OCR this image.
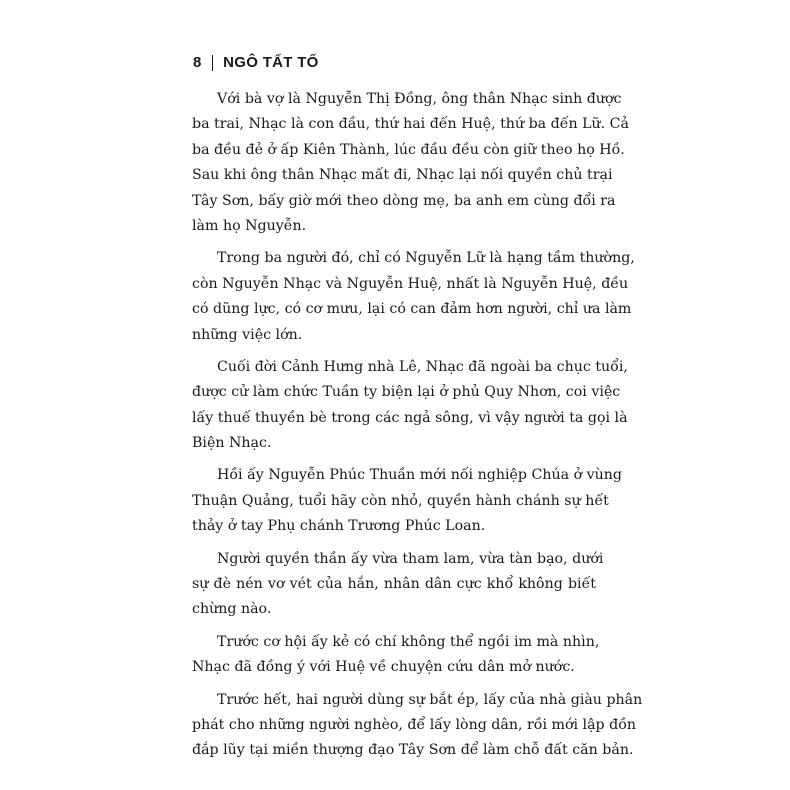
8 NGÔ TẤT TỐ
Với bà vợ là Nguyễn Thị Đồng, ông thân Nhạc sinh được
ba trai, Nhạc là con đầu, thứ hai đến Huệ, thứ ba đến Lữ. Cả
ba đều đẻ ở ấp Kiên Thành, lúc đầu đều còn giữ theo họ Hồ.
Sau khi ông thân Nhạc mất đi, Nhạc lại nối quyền chủ trại
Tây Sơn, bấy giờ mới theo dòng mẹ, ba anh em cùng đổi ra
làm họ Nguyễn.
Trong ba người đó, chỉ có Nguyễn Lữ là hạng tầm thường,
còn Nguyễn Nhạc và Nguyễn Huệ, nhất là Nguyễn Huệ, đều
có dũng lực, có cơ mưu, lại có can đảm hơn người, chỉ ưa làm
những việc lớn.
Cuối đời Cảnh Hưng nhà Lê, Nhạc đã ngoài ba chục tuổi,
được cử làm chức Tuần ty biện lại ở phủ Quy Nhơn, coi việc
lấy thuế thuyền bè trong các ngả sông, vì vậy người ta gọi là
Biện Nhạc.
Hồi ấy Nguyễn Phúc Thuần mới nối nghiệp Chúa ở vùng
Thuận Quảng, tuổi hãy còn nhỏ, quyền hành chánh sự hết
thảy ở tay Phụ chánh Trương Phúc Loan.
Người quyền thần ấy vừa tham lam, vừa tàn bạo, dưới
sự đè nén vơ vét của hắn, nhân dân cực khổ không biết
chừng nào.
Trước cơ hội ấy kẻ có chí không thể ngồi im mà nhìn,
Nhạc đã đồng ý với Huệ về chuyện cứu dân mở nước.
Trước hết, hai người dùng sự bắt ép, lấy của nhà giàu phân
phát cho những người nghèo, để lấy lòng dân, rồi mới lập đồn
đắp lũy tại miền thượng đạo Tây Sơn để làm chỗ đất căn bản.
